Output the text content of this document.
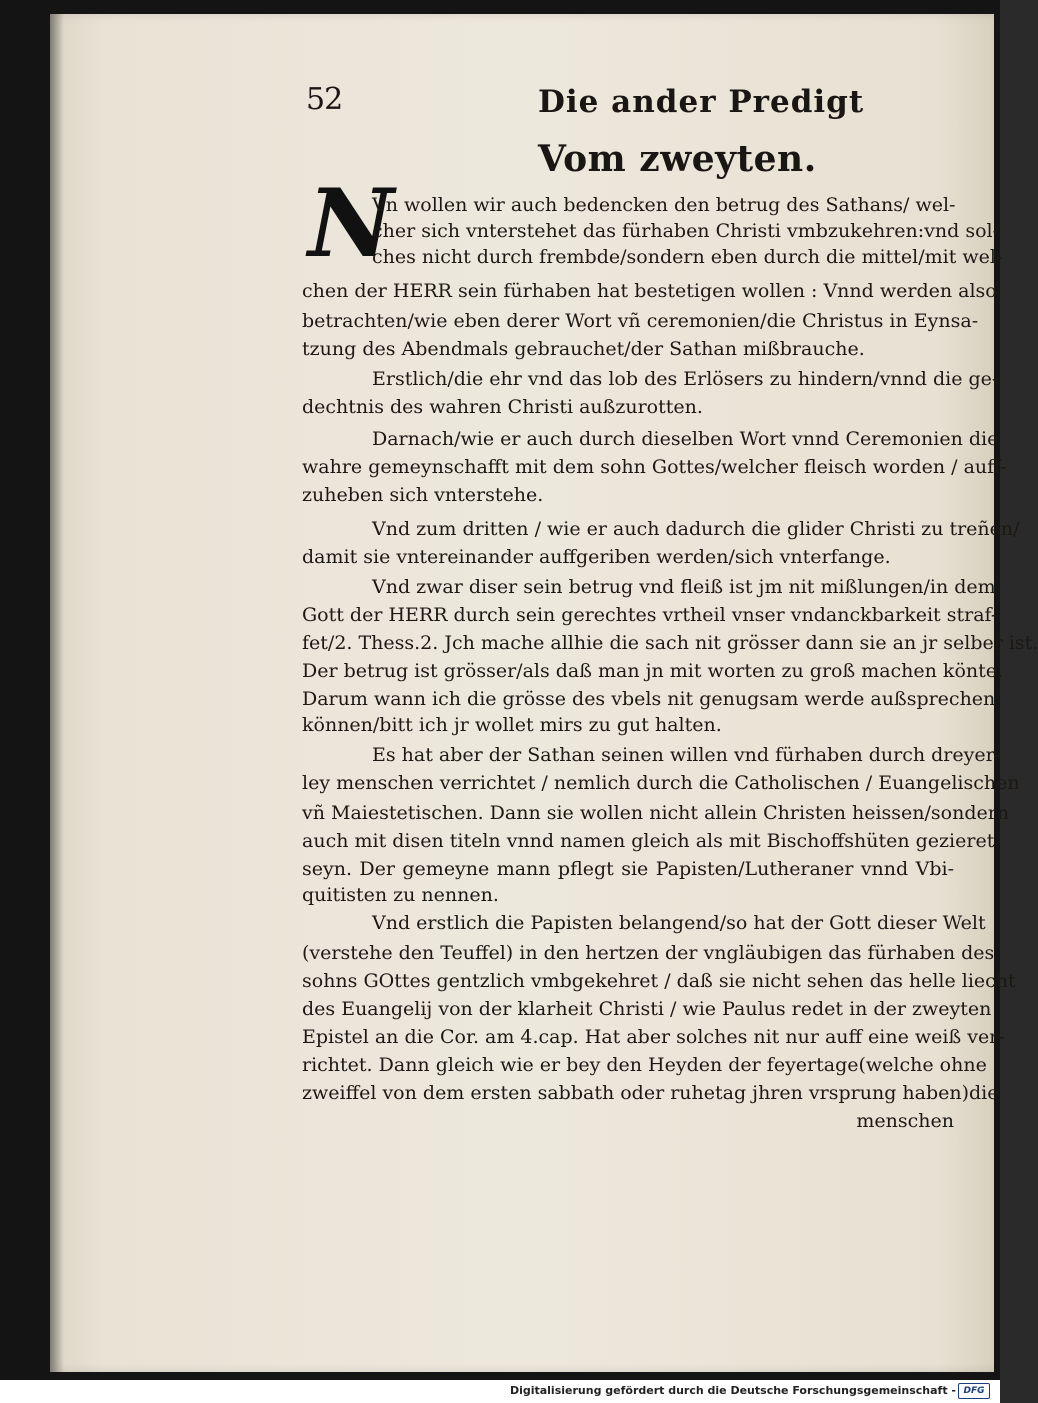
52	Die ander Predigt
Vom zweyten.
N
Vn wollen wir auch bedencken den betrug des Sathans/ wel-
cher sich vnterstehet das fürhaben Christi vmbzukehren:vnd sol-
ches nicht durch frembde/sondern eben durch die mittel/mit wel-
chen der HERR sein fürhaben hat bestetigen wollen : Vnnd werden also
betrachten/wie eben derer Wort vñ ceremonien/die Christus in Eynsa-
tzung des Abendmals gebrauchet/der Sathan mißbrauche.
Erstlich/die ehr vnd das lob des Erlösers zu hindern/vnnd die ge-
dechtnis des wahren Christi außzurotten.
Darnach/wie er auch durch dieselben Wort vnnd Ceremonien die
wahre gemeynschafft mit dem sohn Gottes/welcher fleisch worden / auff-
zuheben sich vnterstehe.
Vnd zum dritten / wie er auch dadurch die glider Christi zu treñen/
damit sie vntereinander auffgeriben werden/sich vnterfange.
Vnd zwar diser sein betrug vnd fleiß ist jm nit mißlungen/in dem
Gott der HERR durch sein gerechtes vrtheil vnser vndanckbarkeit straf-
fet/2. Thess.2. Jch mache allhie die sach nit grösser dann sie an jr selber ist.
Der betrug ist grösser/als daß man jn mit worten zu groß machen könte.
Darum wann ich die grösse des vbels nit genugsam werde außsprechen
können/bitt ich jr wollet mirs zu gut halten.
Es hat aber der Sathan seinen willen vnd fürhaben durch dreyer-
ley menschen verrichtet / nemlich durch die Catholischen / Euangelischen
vñ Maiestetischen. Dann sie wollen nicht allein Christen heissen/sondern
auch mit disen titeln vnnd namen gleich als mit Bischoffshüten gezieret
seyn. Der gemeyne mann pflegt sie Papisten/Lutheraner vnnd Vbi-
quitisten zu nennen.
Vnd erstlich die Papisten belangend/so hat der Gott dieser Welt
(verstehe den Teuffel) in den hertzen der vngläubigen das fürhaben des
sohns GOttes gentzlich vmbgekehret / daß sie nicht sehen das helle liecht
des Euangelij von der klarheit Christi / wie Paulus redet in der zweyten
Epistel an die Cor. am 4.cap. Hat aber solches nit nur auff eine weiß ver-
richtet. Dann gleich wie er bey den Heyden der feyertage(welche ohne
zweiffel von dem ersten sabbath oder ruhetag jhren vrsprung haben)die
menschen
Digitalisierung gefördert durch die Deutsche Forschungsgemeinschaft - DFG
